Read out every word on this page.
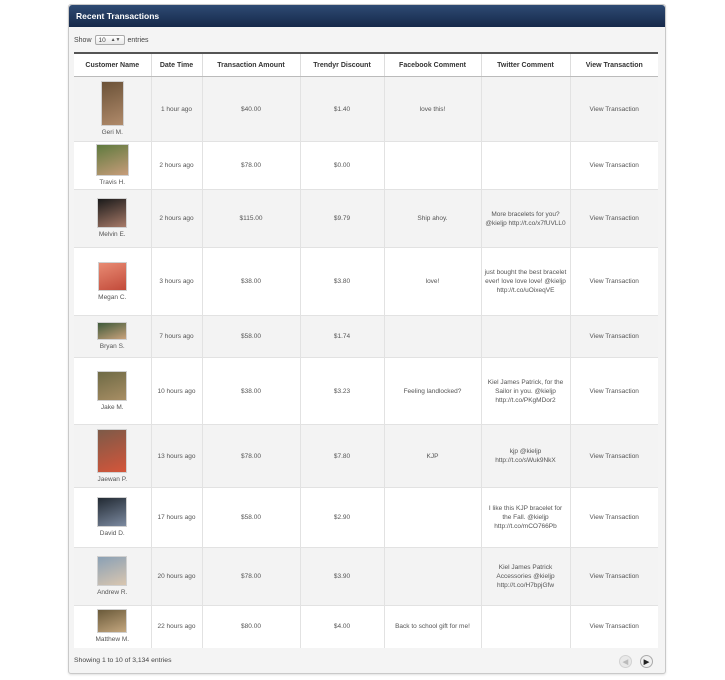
Recent Transactions
Show 10 ▲▼ entries
Customer Name	Date Time	Transaction Amount	Trendyr Discount	Facebook Comment	Twitter Comment	View Transaction

Geri M.	1 hour ago	$40.00	$1.40	love this!		View Transaction

Travis H.	2 hours ago	$78.00	$0.00			View Transaction

Melvin E.	2 hours ago	$115.00	$9.79	Ship ahoy.	More bracelets for you? @kieljp http://t.co/x7fUVLL0	View Transaction

Megan C.	3 hours ago	$38.00	$3.80	love!	just bought the best bracelet ever! love love love! @kieljp http://t.co/uOixeqVE	View Transaction

Bryan S.	7 hours ago	$58.00	$1.74			View Transaction

Jake M.	10 hours ago	$38.00	$3.23	Feeling landlocked?	Kiel James Patrick, for the Sailor in you. @kieljp http://t.co/PKgMDor2	View Transaction

Jaewan P.	13 hours ago	$78.00	$7.80	KJP	kjp @kieljp http://t.co/sWuk9NkX	View Transaction

David D.	17 hours ago	$58.00	$2.90		I like this KJP bracelet for the Fall. @kieljp http://t.co/mCO766Pb	View Transaction

Andrew R.	20 hours ago	$78.00	$3.90		Kiel James Patrick Accessories @kieljp http://t.co/H7bpjGfw	View Transaction

Matthew M.	22 hours ago	$80.00	$4.00	Back to school gift for me!		View Transaction
Showing 1 to 10 of 3,134 entries	◀	▶
